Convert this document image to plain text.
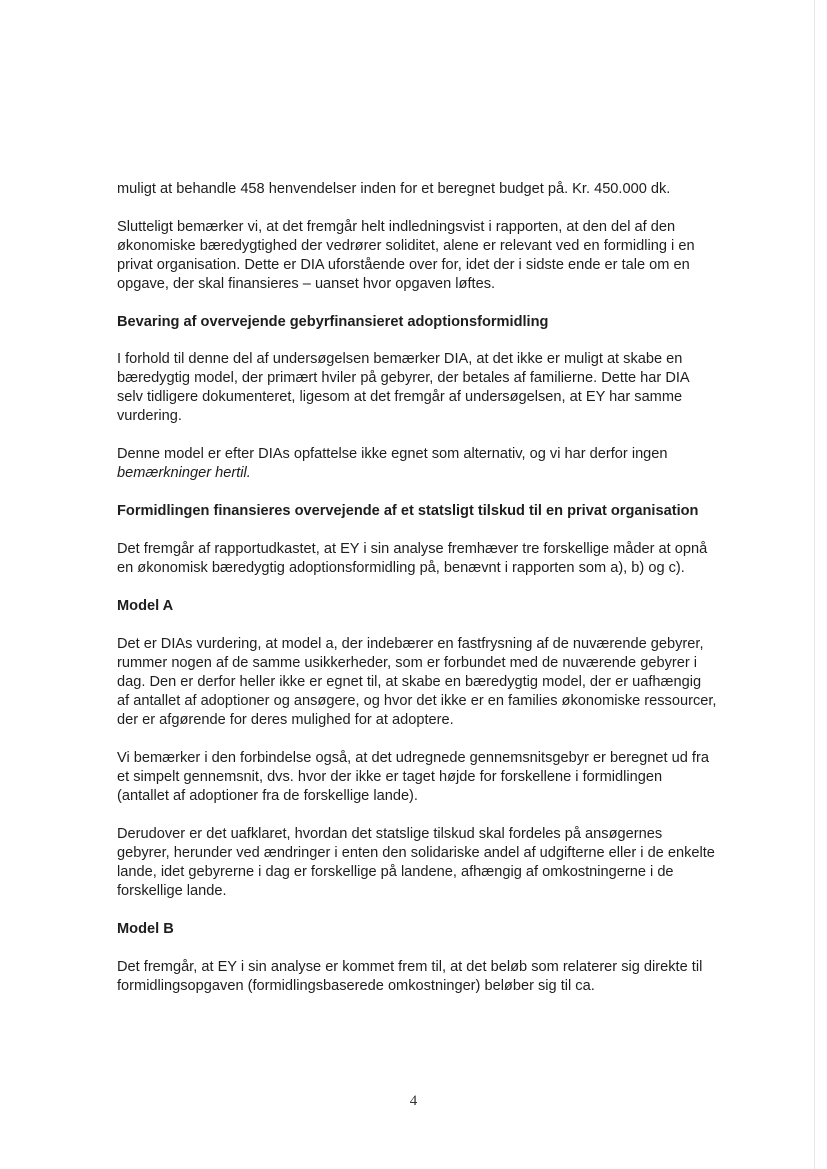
muligt at behandle 458 henvendelser inden for et beregnet budget på. Kr. 450.000 dk.

Slutteligt bemærker vi, at det fremgår helt indledningsvist i rapporten, at den del af den økonomiske bæredygtighed der vedrører soliditet, alene er relevant ved en formidling i en privat organisation. Dette er DIA uforstående over for, idet der i sidste ende er tale om en opgave, der skal finansieres – uanset hvor opgaven løftes.

Bevaring af overvejende gebyrfinansieret adoptionsformidling

I forhold til denne del af undersøgelsen bemærker DIA, at det ikke er muligt at skabe en bæredygtig model, der primært hviler på gebyrer, der betales af familierne. Dette har DIA selv tidligere dokumenteret, ligesom at det fremgår af undersøgelsen, at EY har samme vurdering.

Denne model er efter DIAs opfattelse ikke egnet som alternativ, og vi har derfor ingen bemærkninger hertil.

Formidlingen finansieres overvejende af et statsligt tilskud til en privat organisation

Det fremgår af rapportudkastet, at EY i sin analyse fremhæver tre forskellige måder at opnå en økonomisk bæredygtig adoptionsformidling på, benævnt i rapporten som a), b) og c).

Model A

Det er DIAs vurdering, at model a, der indebærer en fastfrysning af de nuværende gebyrer, rummer nogen af de samme usikkerheder, som er forbundet med de nuværende gebyrer i dag. Den er derfor heller ikke er egnet til, at skabe en bæredygtig model, der er uafhængig af antallet af adoptioner og ansøgere, og hvor det ikke er en families økonomiske ressourcer, der er afgørende for deres mulighed for at adoptere.

Vi bemærker i den forbindelse også, at det udregnede gennemsnitsgebyr er beregnet ud fra et simpelt gennemsnit, dvs. hvor der ikke er taget højde for forskellene i formidlingen (antallet af adoptioner fra de forskellige lande).

Derudover er det uafklaret, hvordan det statslige tilskud skal fordeles på ansøgernes gebyrer, herunder ved ændringer i enten den solidariske andel af udgifterne eller i de enkelte lande, idet gebyrerne i dag er forskellige på landene, afhængig af omkostningerne i de forskellige lande.

Model B

Det fremgår, at EY i sin analyse er kommet frem til, at det beløb som relaterer sig direkte til formidlingsopgaven (formidlingsbaserede omkostninger) beløber sig til ca.

4
